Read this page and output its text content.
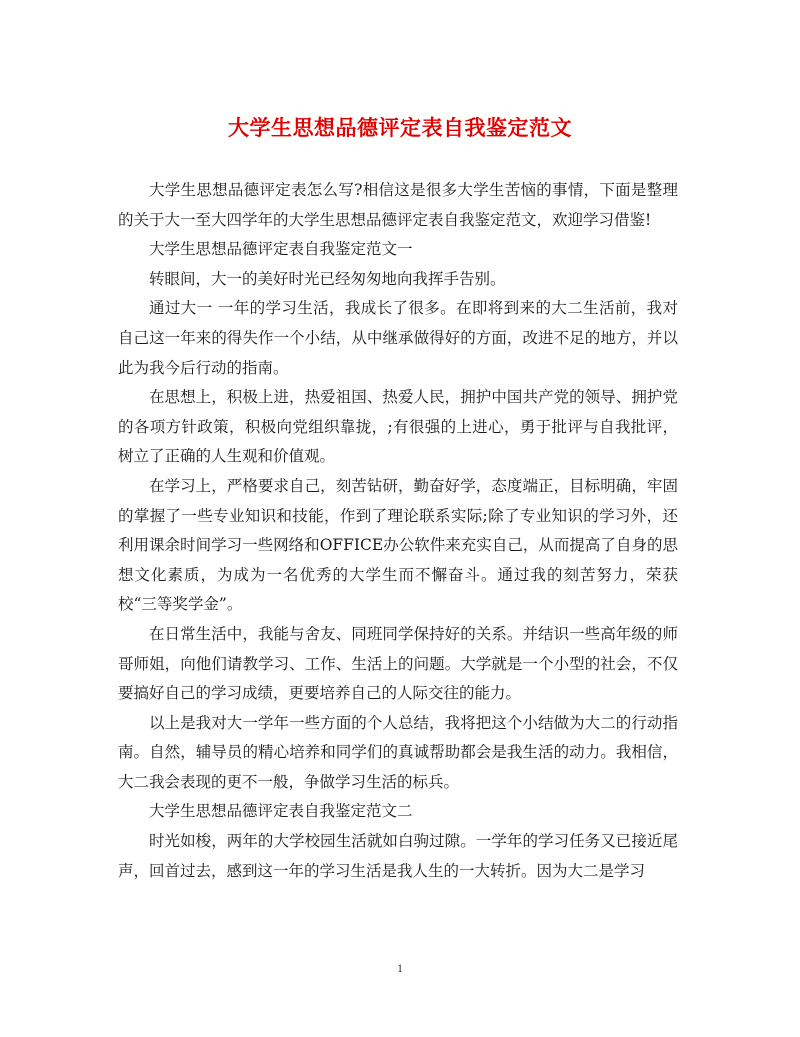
大学生思想品德评定表自我鉴定范文

大学生思想品德评定表怎么写?相信这是很多大学生苦恼的事情，下面是整理的关于大一至大四学年的大学生思想品德评定表自我鉴定范文，欢迎学习借鉴!

大学生思想品德评定表自我鉴定范文一

转眼间，大一的美好时光已经匆匆地向我挥手告别。

通过大一 一年的学习生活，我成长了很多。在即将到来的大二生活前，我对自己这一年来的得失作一个小结，从中继承做得好的方面，改进不足的地方，并以此为我今后行动的指南。

在思想上，积极上进，热爱祖国、热爱人民，拥护中国共产党的领导、拥护党的各项方针政策，积极向党组织靠拢，;有很强的上进心，勇于批评与自我批评，树立了正确的人生观和价值观。

在学习上，严格要求自己，刻苦钻研，勤奋好学，态度端正，目标明确，牢固的掌握了一些专业知识和技能，作到了理论联系实际;除了专业知识的学习外，还利用课余时间学习一些网络和OFFICE办公软件来充实自己，从而提高了自身的思想文化素质，为成为一名优秀的大学生而不懈奋斗。通过我的刻苦努力，荣获校“三等奖学金”。

在日常生活中，我能与舍友、同班同学保持好的关系。并结识一些高年级的师哥师姐，向他们请教学习、工作、生活上的问题。大学就是一个小型的社会，不仅要搞好自己的学习成绩，更要培养自己的人际交往的能力。

以上是我对大一学年一些方面的个人总结，我将把这个小结做为大二的行动指南。自然，辅导员的精心培养和同学们的真诚帮助都会是我生活的动力。我相信，大二我会表现的更不一般，争做学习生活的标兵。

大学生思想品德评定表自我鉴定范文二

时光如梭，两年的大学校园生活就如白驹过隙。一学年的学习任务又已接近尾声，回首过去，感到这一年的学习生活是我人生的一大转折。因为大二是学习

1
